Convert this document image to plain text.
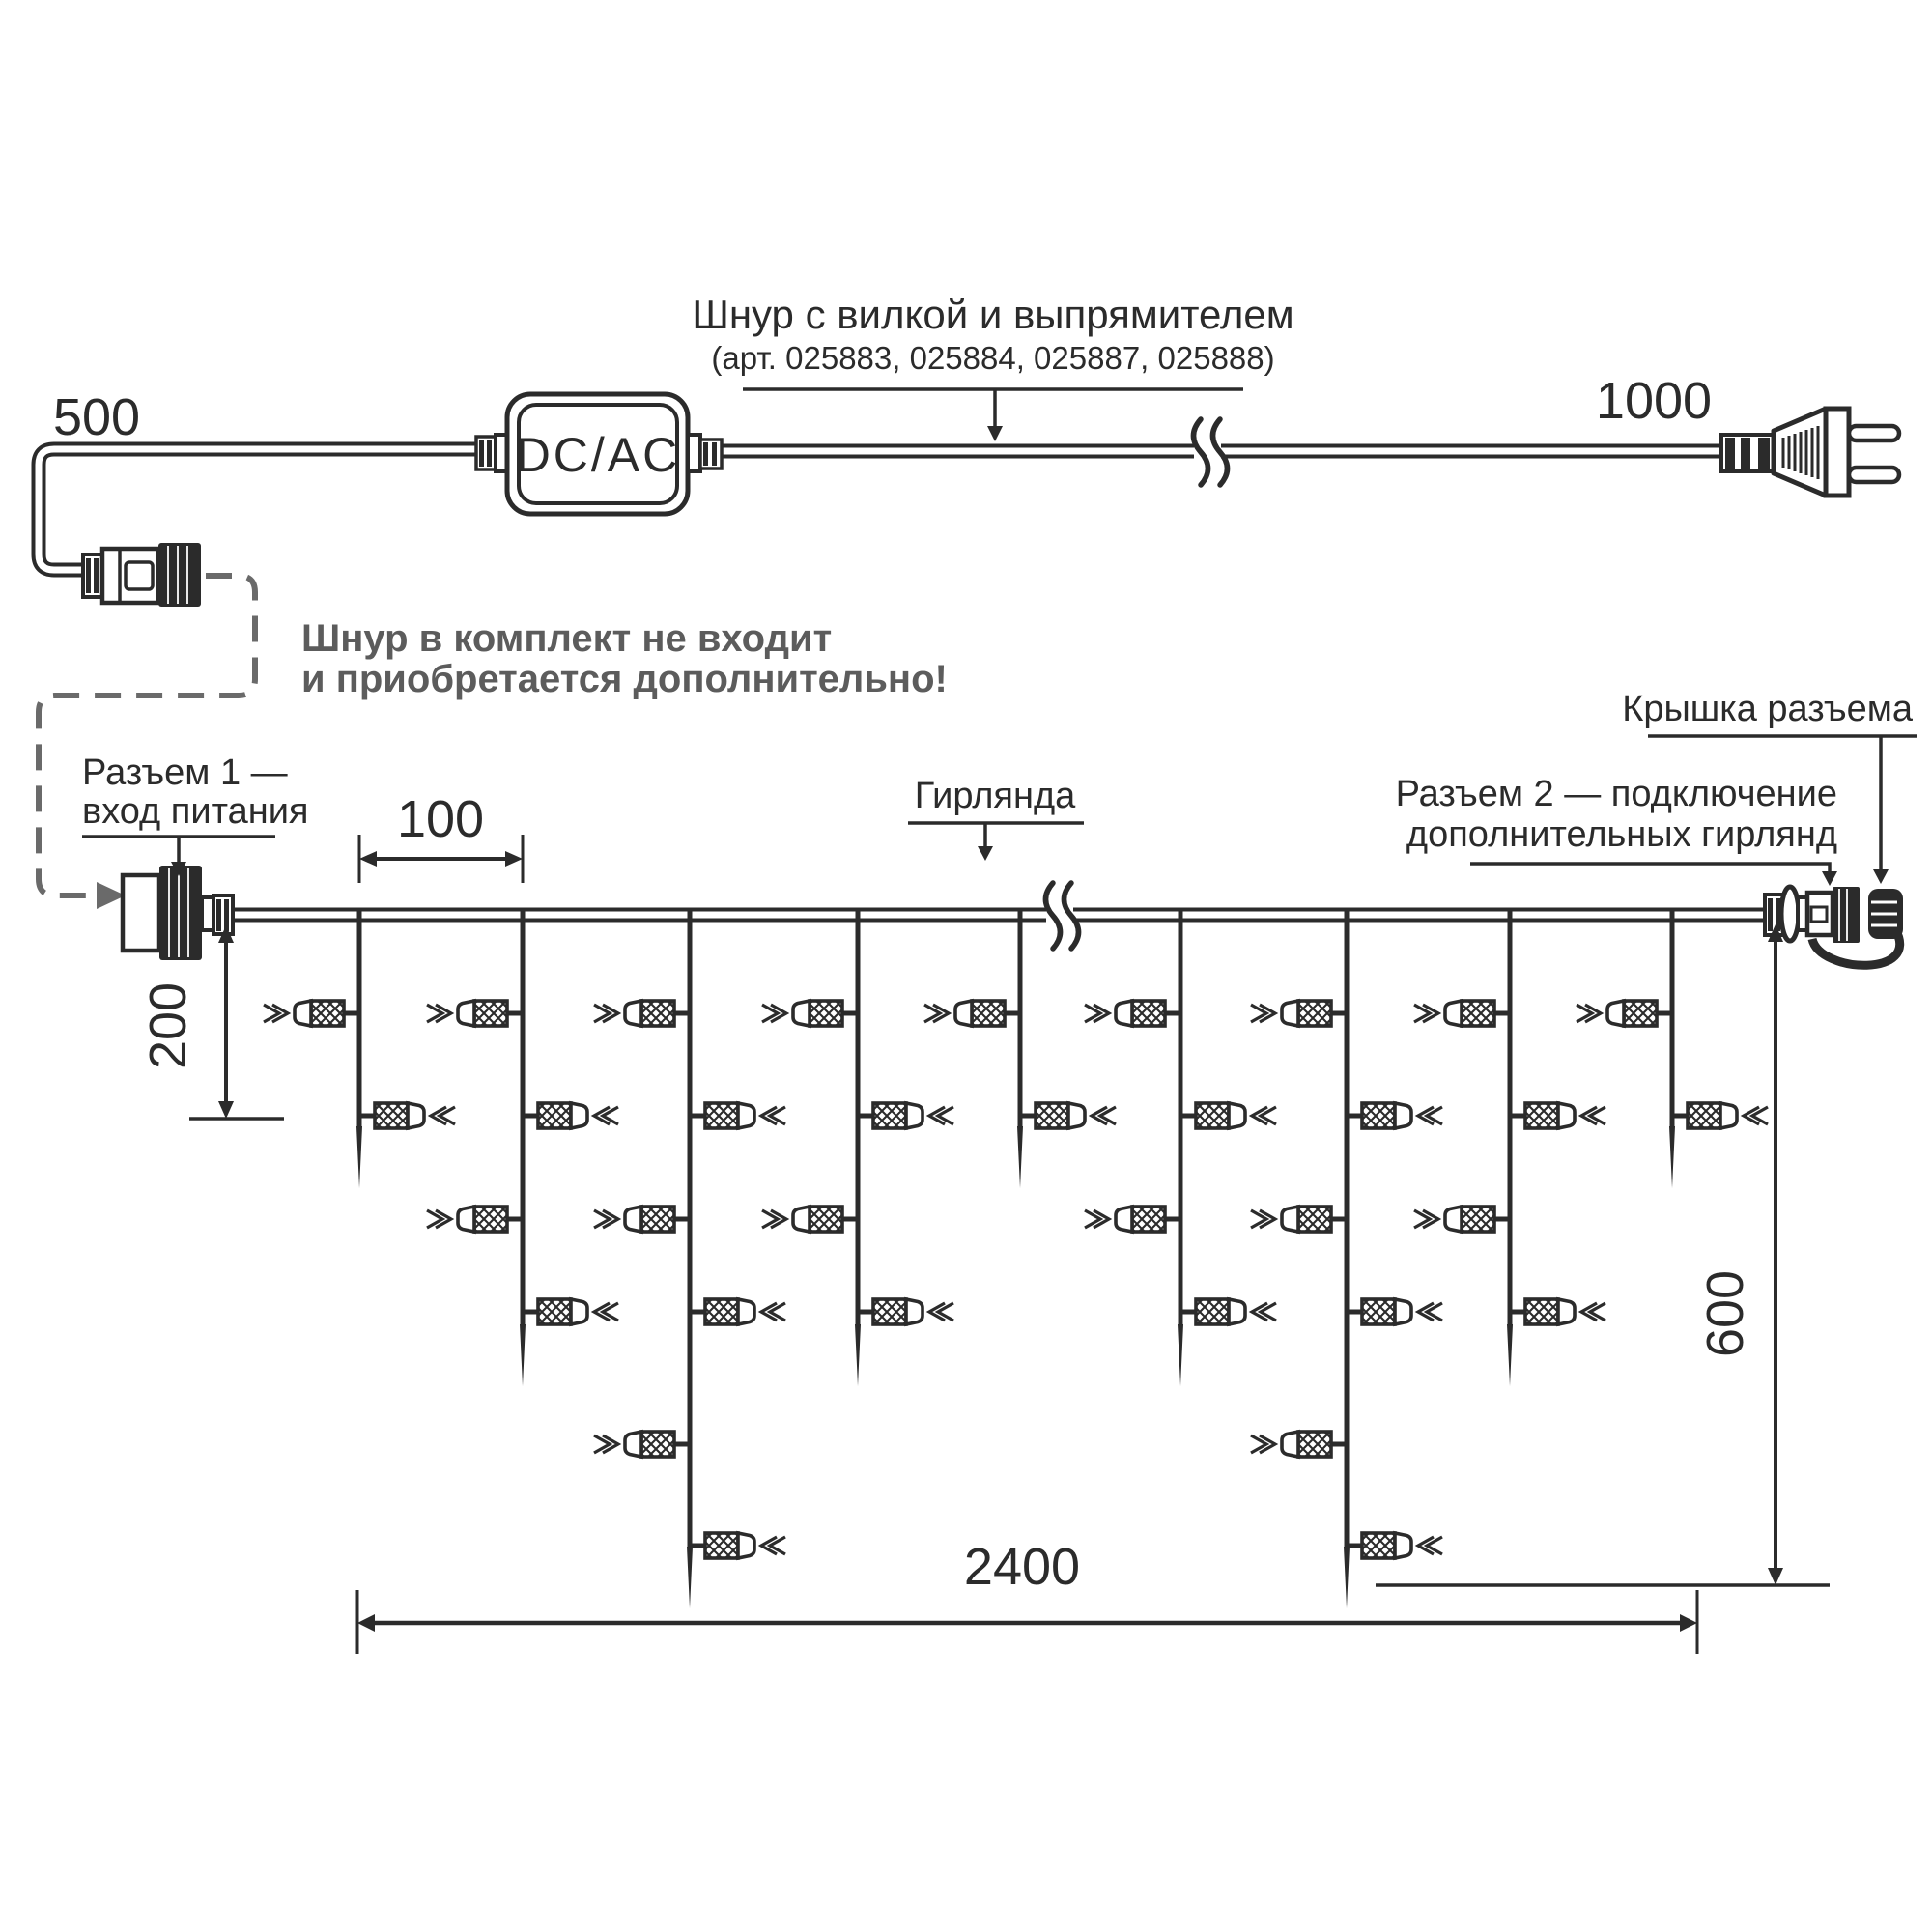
DC/AC
500	1000
Шнур с вилкой и выпрямителем
(арт. 025883, 025884, 025887, 025888)
Шнур в комплект не входит
и приобретается дополнительно!
Разъем 1 —
вход питания	Гирлянда	Разъем 2 — подключение
дополнительных гирлянд
Крышка разъема
100
200
600
2400
